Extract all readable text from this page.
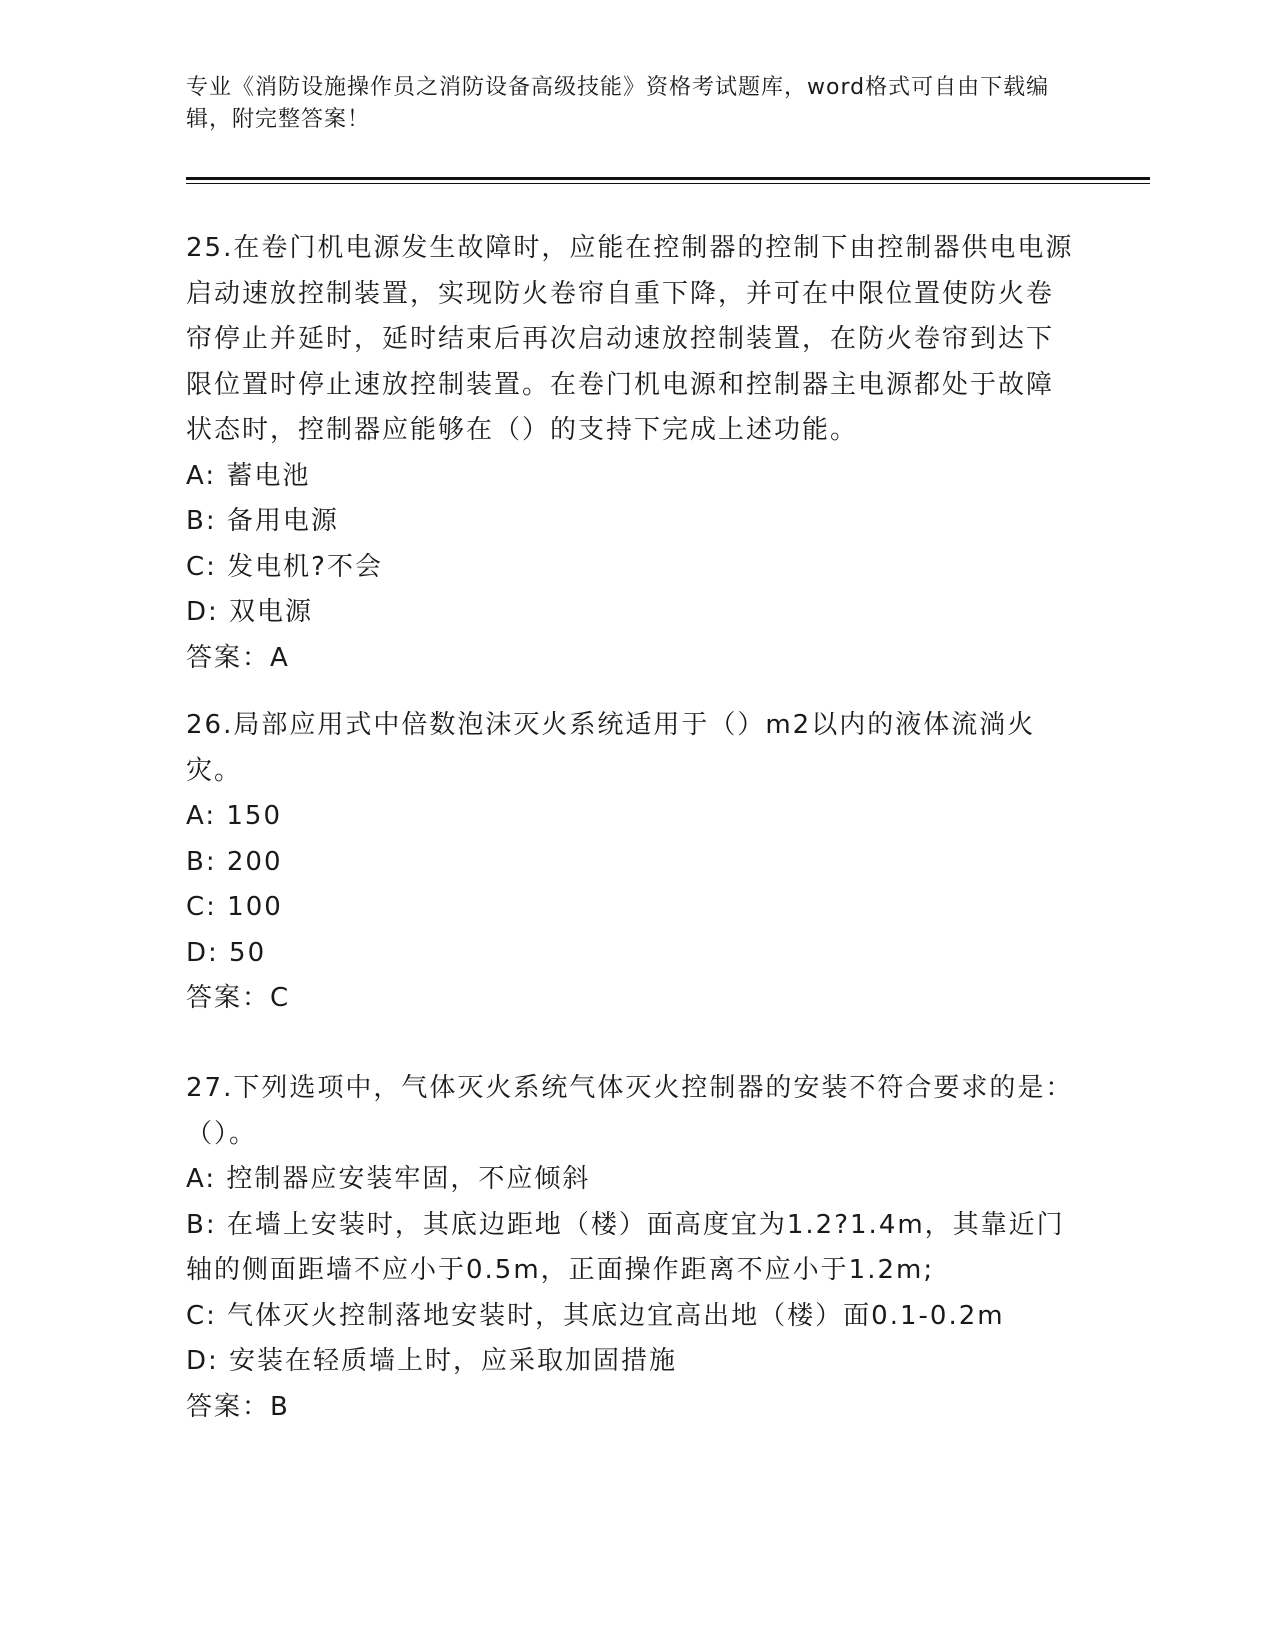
专业《消防设施操作员之消防设备高级技能》资格考试题库，word格式可自由下载编辑，附完整答案！

25.在卷门机电源发生故障时，应能在控制器的控制下由控制器供电电源启动速放控制装置，实现防火卷帘自重下降，并可在中限位置使防火卷帘停止并延时，延时结束后再次启动速放控制装置，在防火卷帘到达下限位置时停止速放控制装置。在卷门机电源和控制器主电源都处于故障状态时，控制器应能够在（）的支持下完成上述功能。

A: 蓄电池

B: 备用电源

C: 发电机?不会

D: 双电源

答案：A

26.局部应用式中倍数泡沫灭火系统适用于（）m2以内的液体流淌火灾。

A: 150

B: 200

C: 100

D: 50

答案：C

27.下列选项中，气体灭火系统气体灭火控制器的安装不符合要求的是：（）。

A: 控制器应安装牢固，不应倾斜

B: 在墙上安装时，其底边距地（楼）面高度宜为1.2?1.4m，其靠近门轴的侧面距墙不应小于0.5m，正面操作距离不应小于1.2m;

C: 气体灭火控制落地安装时，其底边宜高出地（楼）面0.1-0.2m

D: 安装在轻质墙上时，应采取加固措施

答案：B
